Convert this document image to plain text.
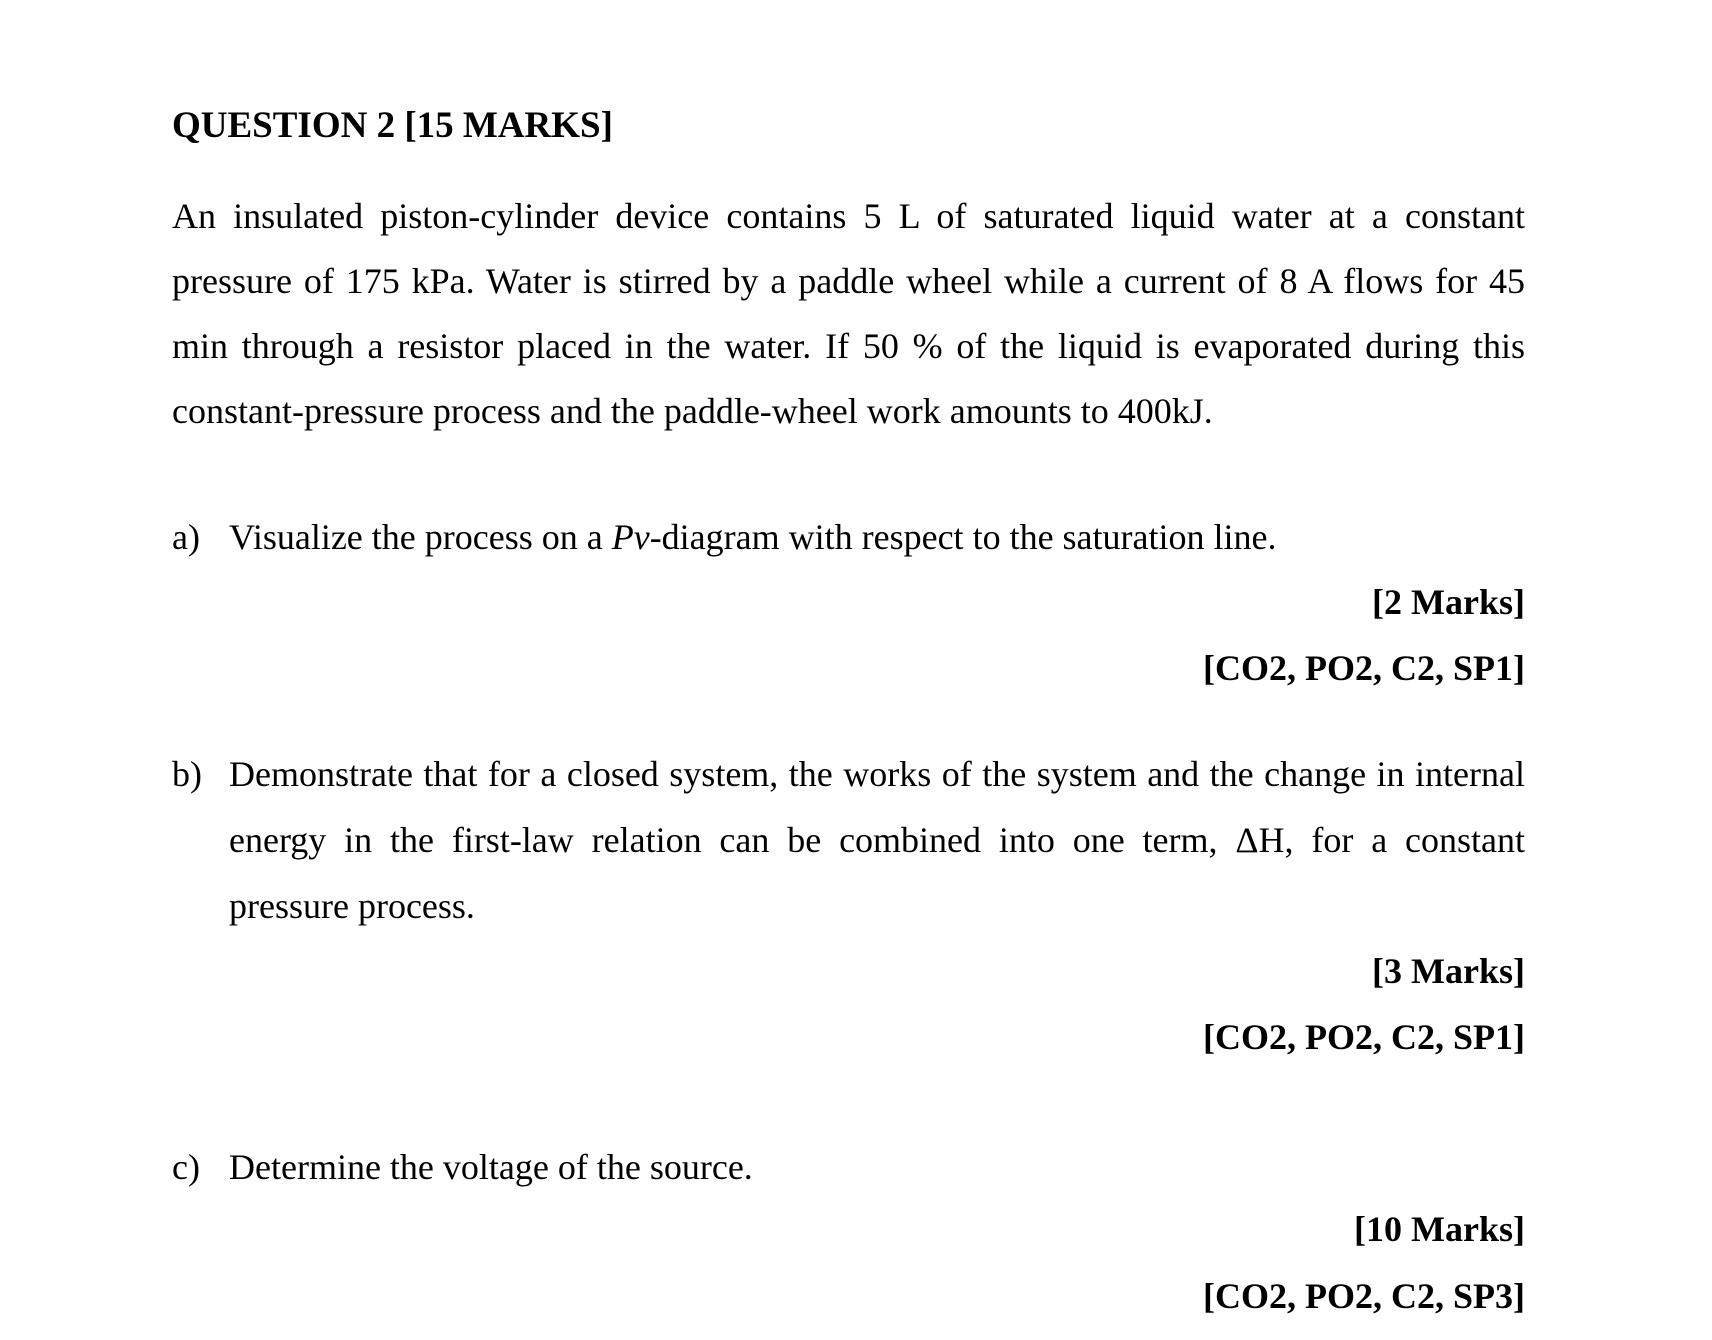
QUESTION 2 [15 MARKS]
An insulated piston-cylinder device contains 5 L of saturated liquid water at a constant
pressure of 175 kPa. Water is stirred by a paddle wheel while a current of 8 A flows for 45
min through a resistor placed in the water. If 50 % of the liquid is evaporated during this
constant-pressure process and the paddle-wheel work amounts to 400kJ.
a) Visualize the process on a Pv-diagram with respect to the saturation line.
[2 Marks]
[CO2, PO2, C2, SP1]
b) Demonstrate that for a closed system, the works of the system and the change in internal
energy in the first-law relation can be combined into one term, ΔH, for a constant
pressure process.
[3 Marks]
[CO2, PO2, C2, SP1]
c) Determine the voltage of the source.
[10 Marks]
[CO2, PO2, C2, SP3]
